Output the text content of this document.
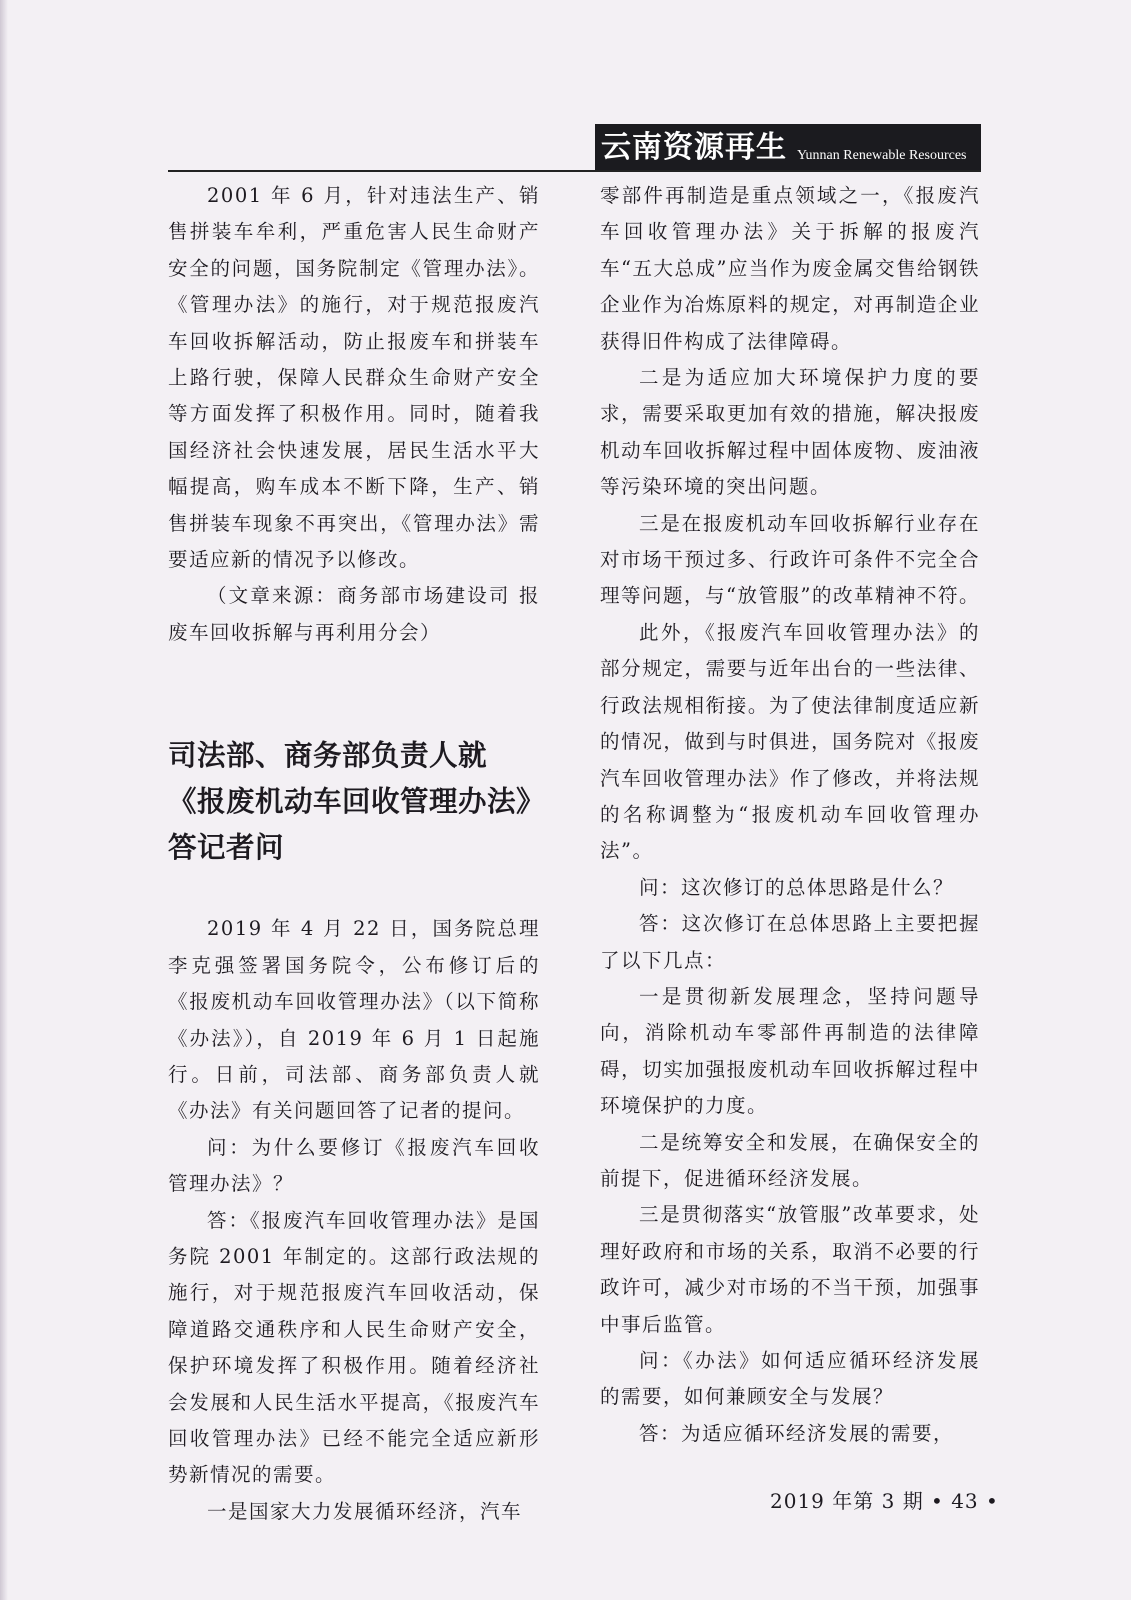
云南资源再生 Yunnan Renewable Resources

2001 年 6 月，针对违法生产、销售拼装车牟利，严重危害人民生命财产安全的问题，国务院制定《管理办法》。《管理办法》的施行，对于规范报废汽车回收拆解活动，防止报废车和拼装车上路行驶，保障人民群众生命财产安全等方面发挥了积极作用。同时，随着我国经济社会快速发展，居民生活水平大幅提高，购车成本不断下降，生产、销售拼装车现象不再突出，《管理办法》需要适应新的情况予以修改。

（文章来源：商务部市场建设司 报废车回收拆解与再利用分会）

司法部、商务部负责人就《报废机动车回收管理办法》答记者问

2019 年 4 月 22 日，国务院总理李克强签署国务院令，公布修订后的《报废机动车回收管理办法》（以下简称《办法》），自 2019 年 6 月 1 日起施行。日前，司法部、商务部负责人就《办法》有关问题回答了记者的提问。

问：为什么要修订《报废汽车回收管理办法》？

答：《报废汽车回收管理办法》是国务院 2001 年制定的。这部行政法规的施行，对于规范报废汽车回收活动，保障道路交通秩序和人民生命财产安全，保护环境发挥了积极作用。随着经济社会发展和人民生活水平提高，《报废汽车回收管理办法》已经不能完全适应新形势新情况的需要。

一是国家大力发展循环经济，汽车

零部件再制造是重点领域之一，《报废汽车回收管理办法》关于拆解的报废汽车“五大总成”应当作为废金属交售给钢铁企业作为冶炼原料的规定，对再制造企业获得旧件构成了法律障碍。

二是为适应加大环境保护力度的要求，需要采取更加有效的措施，解决报废机动车回收拆解过程中固体废物、废油液等污染环境的突出问题。

三是在报废机动车回收拆解行业存在对市场干预过多、行政许可条件不完全合理等问题，与“放管服”的改革精神不符。

此外，《报废汽车回收管理办法》的部分规定，需要与近年出台的一些法律、行政法规相衔接。为了使法律制度适应新的情况，做到与时俱进，国务院对《报废汽车回收管理办法》作了修改，并将法规的名称调整为“报废机动车回收管理办法”。

问：这次修订的总体思路是什么？

答：这次修订在总体思路上主要把握了以下几点：

一是贯彻新发展理念，坚持问题导向，消除机动车零部件再制造的法律障碍，切实加强报废机动车回收拆解过程中环境保护的力度。

二是统筹安全和发展，在确保安全的前提下，促进循环经济发展。

三是贯彻落实“放管服”改革要求，处理好政府和市场的关系，取消不必要的行政许可，减少对市场的不当干预，加强事中事后监管。

问：《办法》如何适应循环经济发展的需要，如何兼顾安全与发展？

答：为适应循环经济发展的需要，

2019 年第 3 期 • 43 •
